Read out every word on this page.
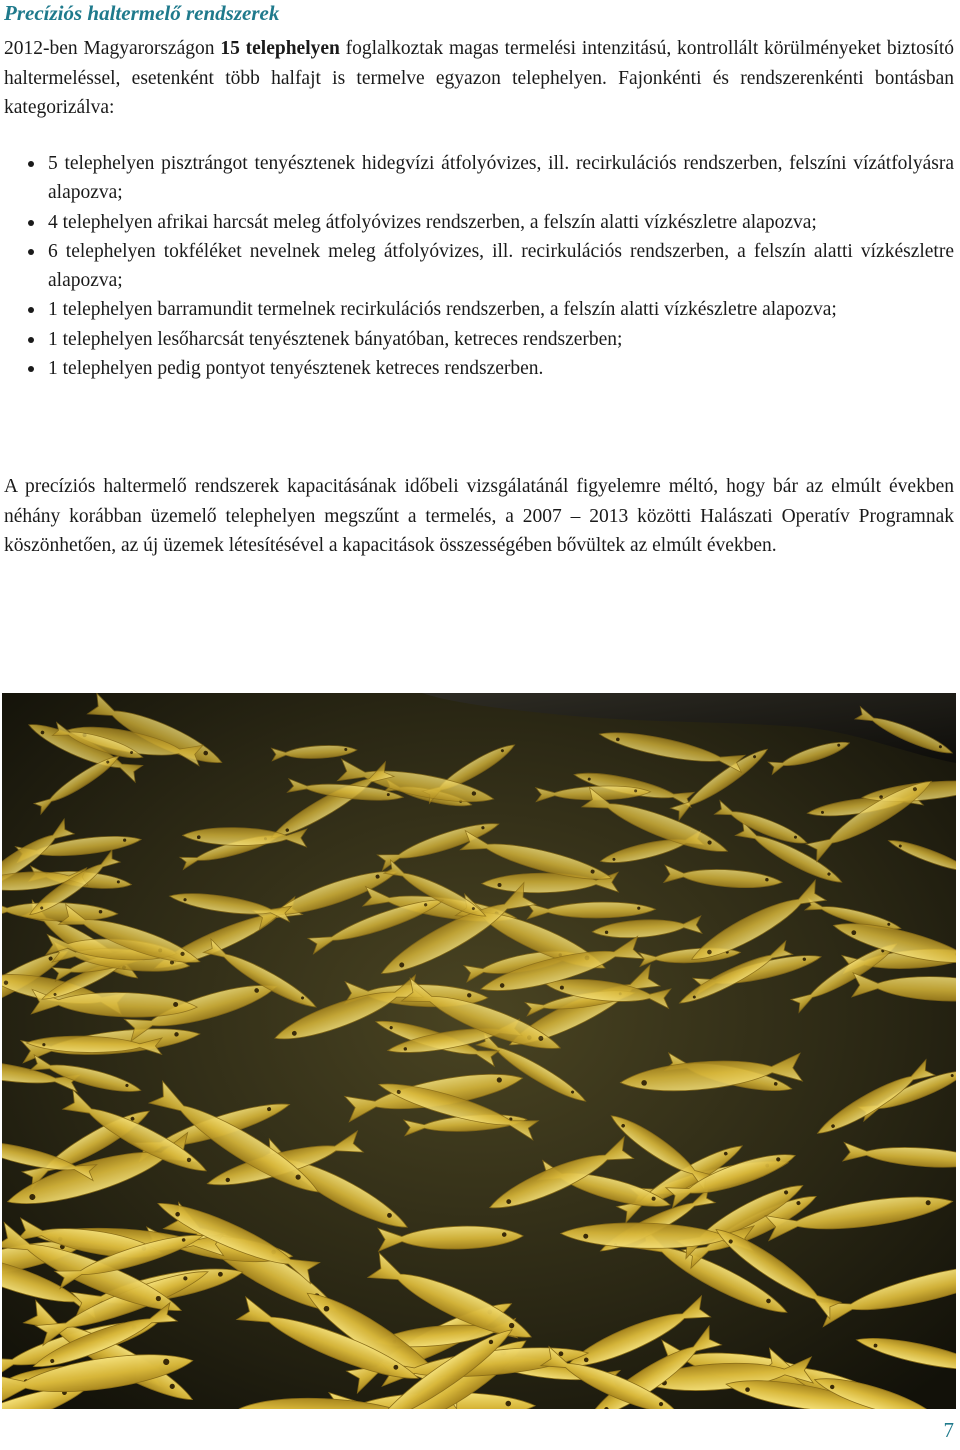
Precíziós haltermelő rendszerek

2012-ben Magyarországon 15 telephelyen foglalkoztak magas termelési intenzitású, kontrollált körülményeket biztosító haltermeléssel, esetenként több halfajt is termelve egyazon telephelyen. Fajonkénti és rendszerenkénti bontásban kategorizálva:

5 telephelyen pisztrángot tenyésztenek hidegvízi átfolyóvizes, ill. recirkulációs rendszerben, felszíni vízátfolyásra alapozva;
4 telephelyen afrikai harcsát meleg átfolyóvizes rendszerben, a felszín alatti vízkészletre alapozva;
6 telephelyen tokféléket nevelnek meleg átfolyóvizes, ill. recirkulációs rendszerben, a felszín alatti vízkészletre alapozva;
1 telephelyen barramundit termelnek recirkulációs rendszerben, a felszín alatti vízkészletre alapozva;
1 telephelyen lesőharcsát tenyésztenek bányatóban, ketreces rendszerben;
1 telephelyen pedig pontyot tenyésztenek ketreces rendszerben.

A precíziós haltermelő rendszerek kapacitásának időbeli vizsgálatánál figyelemre méltó, hogy bár az elmúlt években néhány korábban üzemelő telephelyen megszűnt a termelés, a 2007 – 2013 közötti Halászati Operatív Programnak köszönhetően, az új üzemek létesítésével a kapacitások összességében bővültek az elmúlt években.

7
